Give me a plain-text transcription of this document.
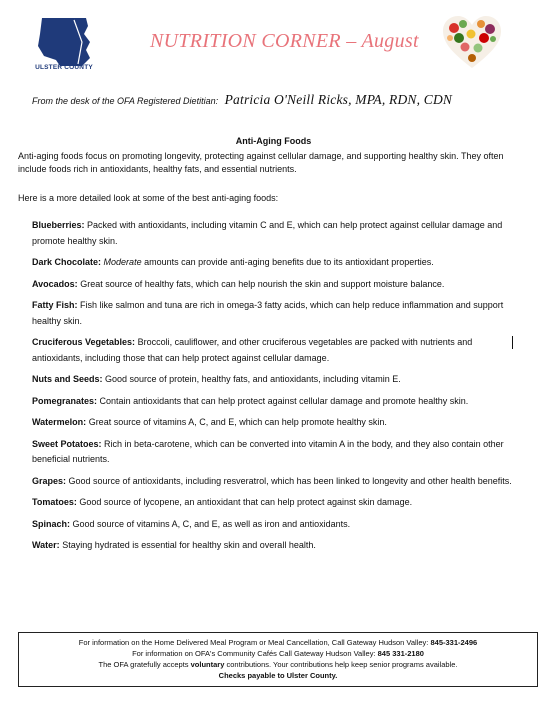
ULSTER COUNTY
NUTRITION CORNER – August
From the desk of the OFA Registered Dietitian: Patricia O'Neill Ricks, MPA, RDN, CDN
Anti-Aging Foods

Anti-aging foods focus on promoting longevity, protecting against cellular damage, and supporting healthy skin. They often include foods rich in antioxidants, healthy fats, and essential nutrients.

Here is a more detailed look at some of the best anti-aging foods:

Blueberries: Packed with antioxidants, including vitamin C and E, which can help protect against cellular damage and promote healthy skin.
Dark Chocolate: Moderate amounts can provide anti-aging benefits due to its antioxidant properties.
Avocados: Great source of healthy fats, which can help nourish the skin and support moisture balance.
Fatty Fish: Fish like salmon and tuna are rich in omega-3 fatty acids, which can help reduce inflammation and support healthy skin.
Cruciferous Vegetables: Broccoli, cauliflower, and other cruciferous vegetables are packed with nutrients and antioxidants, including those that can help protect against cellular damage.
Nuts and Seeds: Good source of protein, healthy fats, and antioxidants, including vitamin E.
Pomegranates: Contain antioxidants that can help protect against cellular damage and promote healthy skin.
Watermelon: Great source of vitamins A, C, and E, which can help promote healthy skin.
Sweet Potatoes: Rich in beta-carotene, which can be converted into vitamin A in the body, and they also contain other beneficial nutrients.
Grapes: Good source of antioxidants, including resveratrol, which has been linked to longevity and other health benefits.
Tomatoes: Good source of lycopene, an antioxidant that can help protect against skin damage.
Spinach: Good source of vitamins A, C, and E, as well as iron and antioxidants.
Water: Staying hydrated is essential for healthy skin and overall health.
For information on the Home Delivered Meal Program or Meal Cancellation, Call Gateway Hudson Valley: 845-331-2496
For information on OFA's Community Cafés Call Gateway Hudson Valley: 845 331-2180
The OFA gratefully accepts voluntary contributions. Your contributions help keep senior programs available.
Checks payable to Ulster County.
